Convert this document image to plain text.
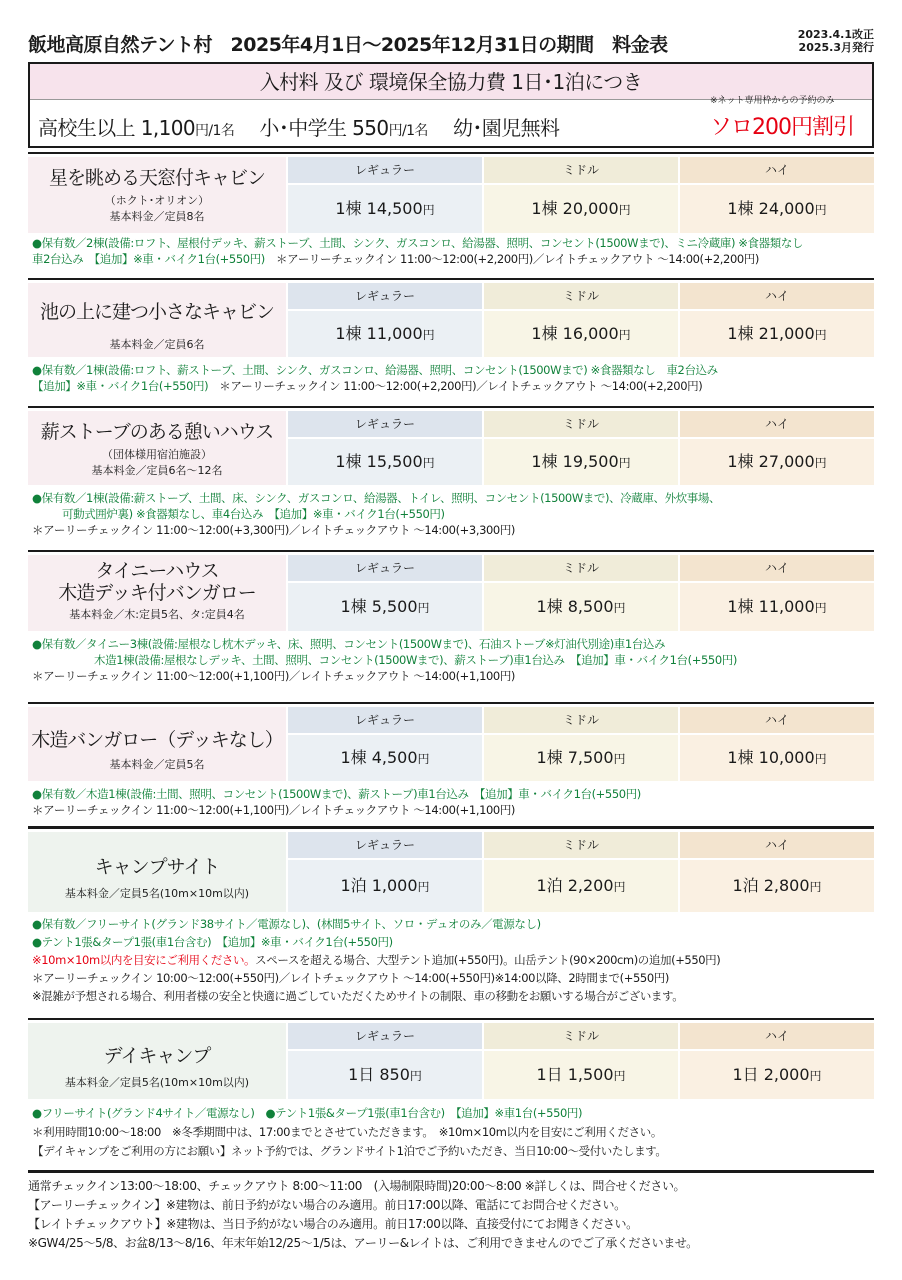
飯地高原自然テント村　2025年4月1日〜2025年12月31日の期間　料金表	2023.4.1改正
2025.3月発行
入村料 及び 環境保全協力費 1日･1泊につき
高校生以上 1,100円/1名　 小･中学生 550円/1名　 幼･園児無料
※ネット専用枠からの予約のみ
ソロ200円割引
星を眺める天窓付キャビン
（ホクト･オリオン）
基本料金／定員8名
レギュラー
1棟 14,500円
ミドル
1棟 20,000円
ハイ
1棟 24,000円
●保有数／2棟(設備:ロフト、屋根付デッキ、薪ストーブ、土間、シンク、ガスコンロ、給湯器、照明、コンセント(1500Wまで)、ミニ冷蔵庫) ※食器類なし
車2台込み　【追加】※車・バイク1台(+550円)　 ＊アーリーチェックイン 11:00〜12:00(+2,200円)／レイトチェックアウト 〜14:00(+2,200円)
池の上に建つ小さなキャビン
基本料金／定員6名
レギュラー
1棟 11,000円
ミドル
1棟 16,000円
ハイ
1棟 21,000円
●保有数／1棟(設備:ロフト、薪ストーブ、土間、シンク、ガスコンロ、給湯器、照明、コンセント(1500Wまで) ※食器類なし　車2台込み
【追加】※車・バイク1台(+550円)　 ＊アーリーチェックイン 11:00〜12:00(+2,200円)／レイトチェックアウト 〜14:00(+2,200円)
薪ストーブのある憩いハウス
（団体様用宿泊施設）
基本料金／定員6名〜12名
レギュラー
1棟 15,500円
ミドル
1棟 19,500円
ハイ
1棟 27,000円
●保有数／1棟(設備:薪ストーブ、土間、床、シンク、ガスコンロ、給湯器、トイレ、照明、コンセント(1500Wまで)、冷蔵庫、外炊事場、
可動式囲炉裏) ※食器類なし、車4台込み　【追加】※車・バイク1台(+550円)
＊アーリーチェックイン 11:00〜12:00(+3,300円)／レイトチェックアウト 〜14:00(+3,300円)
タイニーハウス
木造デッキ付バンガロー
基本料金／木:定員5名、タ:定員4名
レギュラー
1棟 5,500円
ミドル
1棟 8,500円
ハイ
1棟 11,000円
●保有数／タイニー3棟(設備:屋根なし枕木デッキ、床、照明、コンセント(1500Wまで)、石油ストーブ※灯油代別途)車1台込み
木造1棟(設備:屋根なしデッキ、土間、照明、コンセント(1500Wまで)、薪ストーブ)車1台込み　【追加】車・バイク1台(+550円)
＊アーリーチェックイン 11:00〜12:00(+1,100円)／レイトチェックアウト 〜14:00(+1,100円)
木造バンガロー（デッキなし）
基本料金／定員5名
レギュラー
1棟 4,500円
ミドル
1棟 7,500円
ハイ
1棟 10,000円
●保有数／木造1棟(設備:土間、照明、コンセント(1500Wまで)、薪ストーブ)車1台込み　【追加】車・バイク1台(+550円)
＊アーリーチェックイン 11:00〜12:00(+1,100円)／レイトチェックアウト 〜14:00(+1,100円)
キャンプサイト
基本料金／定員5名(10m×10m以内)
レギュラー
1泊 1,000円
ミドル
1泊 2,200円
ハイ
1泊 2,800円
●保有数／フリーサイト(グランド38サイト／電源なし)、(林間5サイト、ソロ・デュオのみ／電源なし)
●テント1張&タープ1張(車1台含む)　【追加】※車・バイク1台(+550円)
※10m×10m以内を目安にご利用ください。スペースを超える場合、大型テント追加(+550円)。山岳テント(90×200cm)の追加(+550円)
＊アーリーチェックイン 10:00〜12:00(+550円)／レイトチェックアウト 〜14:00(+550円)※14:00以降、2時間まで(+550円)
※混雑が予想される場合、利用者様の安全と快適に過ごしていただくためサイトの制限、車の移動をお願いする場合がございます。
デイキャンプ
基本料金／定員5名(10m×10m以内)
レギュラー
1日 850円
ミドル
1日 1,500円
ハイ
1日 2,000円
●フリーサイト(グランド4サイト／電源なし)　●テント1張&タープ1張(車1台含む)　【追加】※車1台(+550円)
＊利用時間10:00〜18:00　※冬季期間中は、17:00までとさせていただきます。　※10m×10m以内を目安にご利用ください。
【デイキャンプをご利用の方にお願い】ネット予約では、グランドサイト1泊でご予約いただき、当日10:00〜受付いたします。
通常チェックイン13:00〜18:00、チェックアウト 8:00〜11:00　(入場制限時間)20:00〜8:00 ※詳しくは、問合せください。
【アーリーチェックイン】※建物は、前日予約がない場合のみ適用。前日17:00以降、電話にてお問合せください。
【レイトチェックアウト】※建物は、当日予約がない場合のみ適用。前日17:00以降、直接受付にてお聞きください。
※GW4/25〜5/8、お盆8/13〜8/16、年末年始12/25〜1/5は、アーリー&レイトは、ご利用できませんのでご了承くださいませ。
